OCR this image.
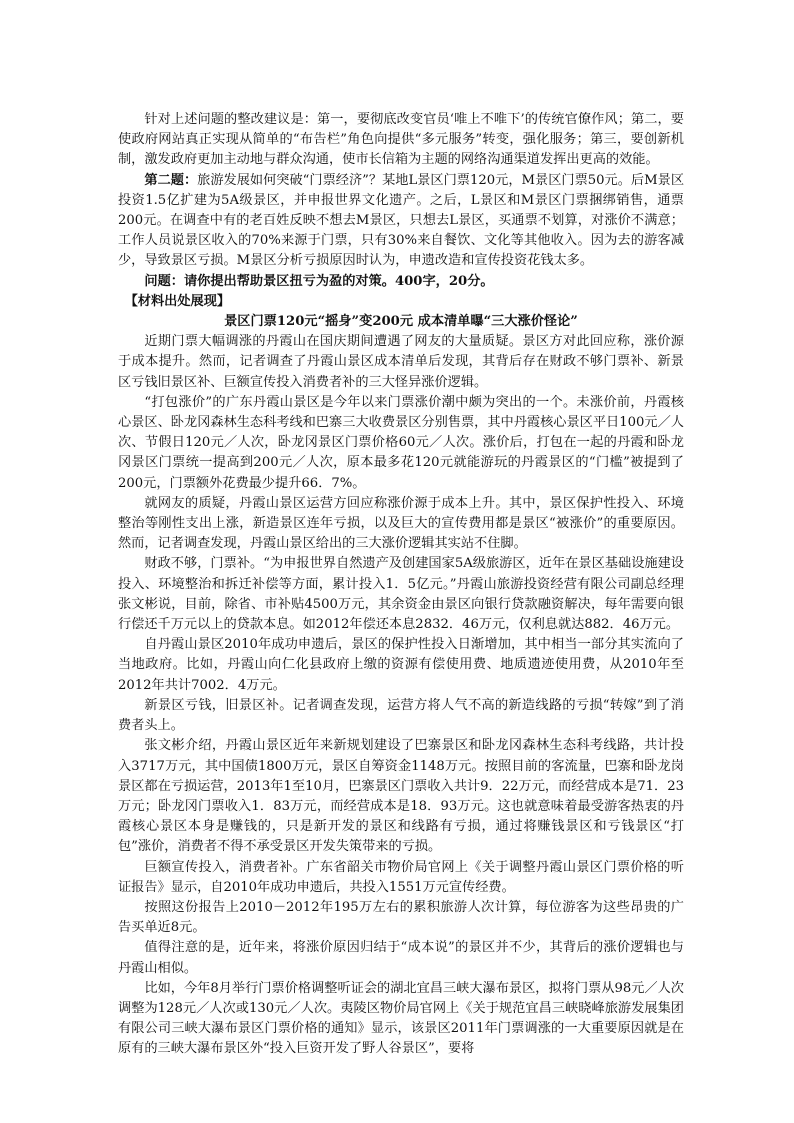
针对上述问题的整改建议是：第一，要彻底改变官员‘唯上不唯下’的传统官僚作风；第二，要使政府网站真正实现从简单的“布告栏”角色向提供“多元服务”转变，强化服务；第三，要创新机制，激发政府更加主动地与群众沟通，使市长信箱为主题的网络沟通渠道发挥出更高的效能。

第二题：旅游发展如何突破“门票经济”？某地L景区门票120元，M景区门票50元。后M景区投资1.5亿扩建为5A级景区，并申报世界文化遗产。之后，L景区和M景区门票捆绑销售，通票200元。在调查中有的老百姓反映不想去M景区，只想去L景区，买通票不划算，对涨价不满意；工作人员说景区收入的70%来源于门票，只有30%来自餐饮、文化等其他收入。因为去的游客减少，导致景区亏损。M景区分析亏损原因时认为，申遗改造和宣传投资花钱太多。

问题：请你提出帮助景区扭亏为盈的对策。400字，20分。

【材料出处展现】

景区门票120元“摇身”变200元 成本清单曝“三大涨价怪论”

近期门票大幅调涨的丹霞山在国庆期间遭遇了网友的大量质疑。景区方对此回应称，涨价源于成本提升。然而，记者调查了丹霞山景区成本清单后发现，其背后存在财政不够门票补、新景区亏钱旧景区补、巨额宣传投入消费者补的三大怪异涨价逻辑。

“打包涨价”的广东丹霞山景区是今年以来门票涨价潮中颇为突出的一个。未涨价前，丹霞核心景区、卧龙冈森林生态科考线和巴寨三大收费景区分别售票，其中丹霞核心景区平日100元／人次、节假日120元／人次，卧龙冈景区门票价格60元／人次。涨价后，打包在一起的丹霞和卧龙冈景区门票统一提高到200元／人次，原本最多花120元就能游玩的丹霞景区的“门槛”被提到了200元，门票额外花费最少提升66．7%。

就网友的质疑，丹霞山景区运营方回应称涨价源于成本上升。其中，景区保护性投入、环境整治等刚性支出上涨，新造景区连年亏损，以及巨大的宣传费用都是景区“被涨价”的重要原因。然而，记者调查发现，丹霞山景区给出的三大涨价逻辑其实站不住脚。

财政不够，门票补。“为申报世界自然遗产及创建国家5A级旅游区，近年在景区基础设施建设投入、环境整治和拆迁补偿等方面，累计投入1．5亿元。”丹霞山旅游投资经营有限公司副总经理张文彬说，目前，除省、市补贴4500万元，其余资金由景区向银行贷款融资解决，每年需要向银行偿还千万元以上的贷款本息。如2012年偿还本息2832．46万元，仅利息就达882．46万元。

自丹霞山景区2010年成功申遗后，景区的保护性投入日渐增加，其中相当一部分其实流向了当地政府。比如，丹霞山向仁化县政府上缴的资源有偿使用费、地质遗迹使用费，从2010年至2012年共计7002．4万元。

新景区亏钱，旧景区补。记者调查发现，运营方将人气不高的新造线路的亏损“转嫁”到了消费者头上。

张文彬介绍，丹霞山景区近年来新规划建设了巴寨景区和卧龙冈森林生态科考线路，共计投入3717万元，其中国债1800万元，景区自筹资金1148万元。按照目前的客流量，巴寨和卧龙岗景区都在亏损运营，2013年1至10月，巴寨景区门票收入共计9．22万元，而经营成本是71．23万元；卧龙冈门票收入1．83万元，而经营成本是18．93万元。这也就意味着最受游客热衷的丹霞核心景区本身是赚钱的，只是新开发的景区和线路有亏损，通过将赚钱景区和亏钱景区“打包”涨价，消费者不得不承受景区开发失策带来的亏损。

巨额宣传投入，消费者补。广东省韶关市物价局官网上《关于调整丹霞山景区门票价格的听证报告》显示，自2010年成功申遗后，共投入1551万元宣传经费。

按照这份报告上2010－2012年195万左右的累积旅游人次计算，每位游客为这些昂贵的广告买单近8元。

值得注意的是，近年来，将涨价原因归结于“成本说”的景区并不少，其背后的涨价逻辑也与丹霞山相似。

比如，今年8月举行门票价格调整听证会的湖北宜昌三峡大瀑布景区，拟将门票从98元／人次调整为128元／人次或130元／人次。夷陵区物价局官网上《关于规范宜昌三峡晓峰旅游发展集团有限公司三峡大瀑布景区门票价格的通知》显示，该景区2011年门票调涨的一大重要原因就是在原有的三峡大瀑布景区外“投入巨资开发了野人谷景区”，要将
